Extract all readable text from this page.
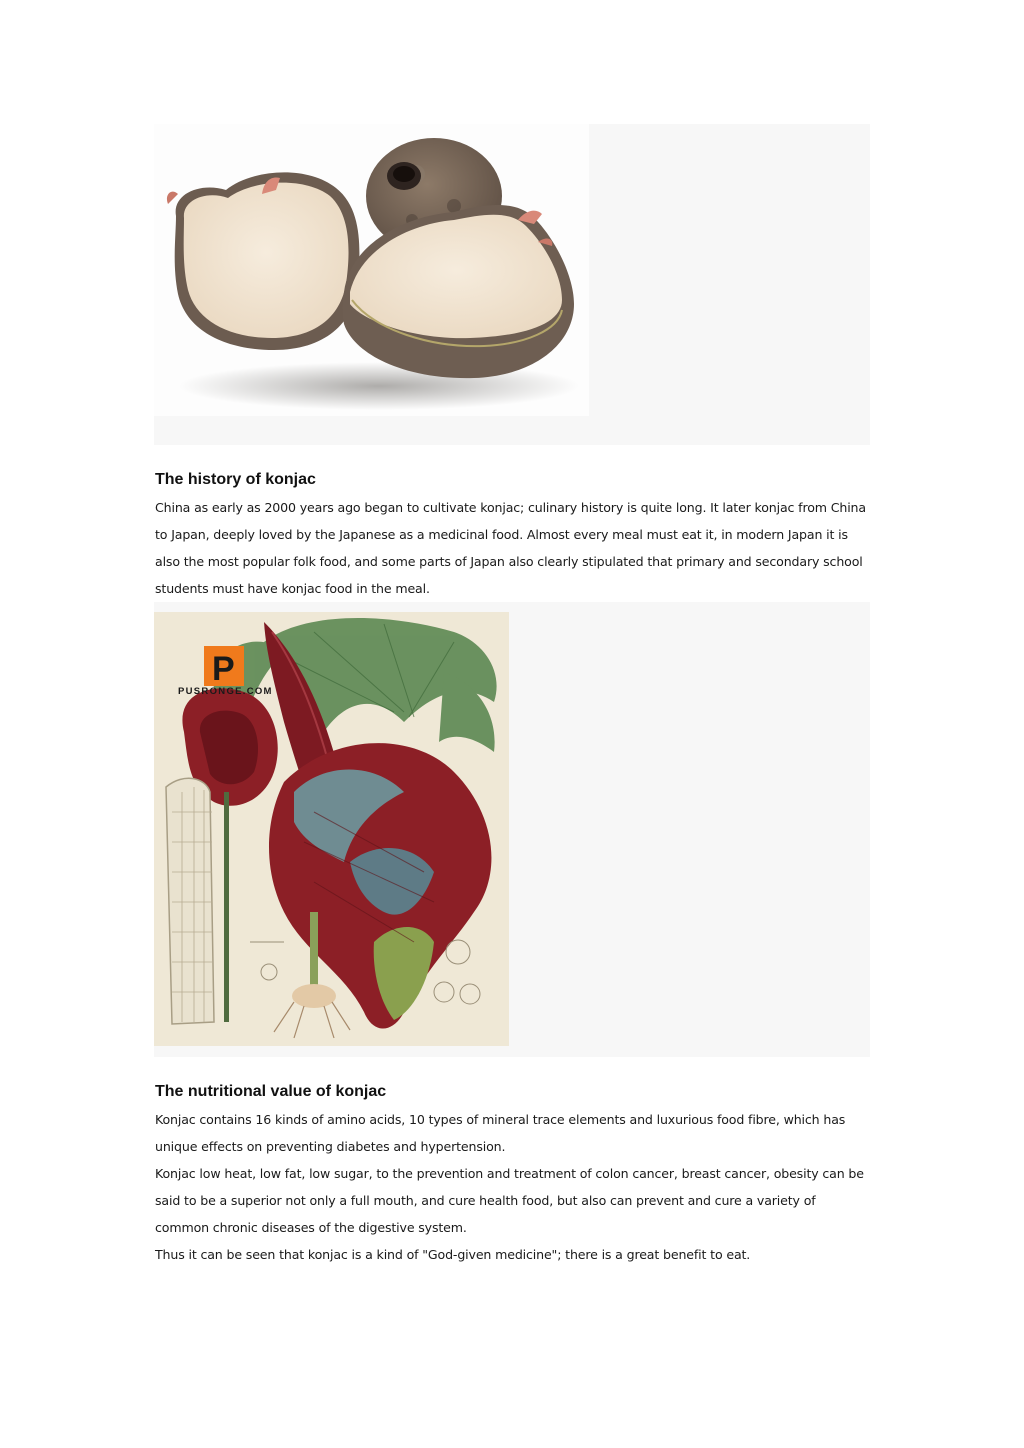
The history of konjac

China as early as 2000 years ago began to cultivate konjac; culinary history is quite long. It later konjac from China to Japan, deeply loved by the Japanese as a medicinal food. Almost every meal must eat it, in modern Japan it is also the most popular folk food, and some parts of Japan also clearly stipulated that primary and secondary school students must have konjac food in the meal.

P
PUSRONGE.COM
The nutritional value of konjac

Konjac contains 16 kinds of amino acids, 10 types of mineral trace elements and luxurious food fibre, which has unique effects on preventing diabetes and hypertension.

Konjac low heat, low fat, low sugar, to the prevention and treatment of colon cancer, breast cancer, obesity can be said to be a superior not only a full mouth, and cure health food, but also can prevent and cure a variety of common chronic diseases of the digestive system.

Thus it can be seen that konjac is a kind of "God-given medicine"; there is a great benefit to eat.
